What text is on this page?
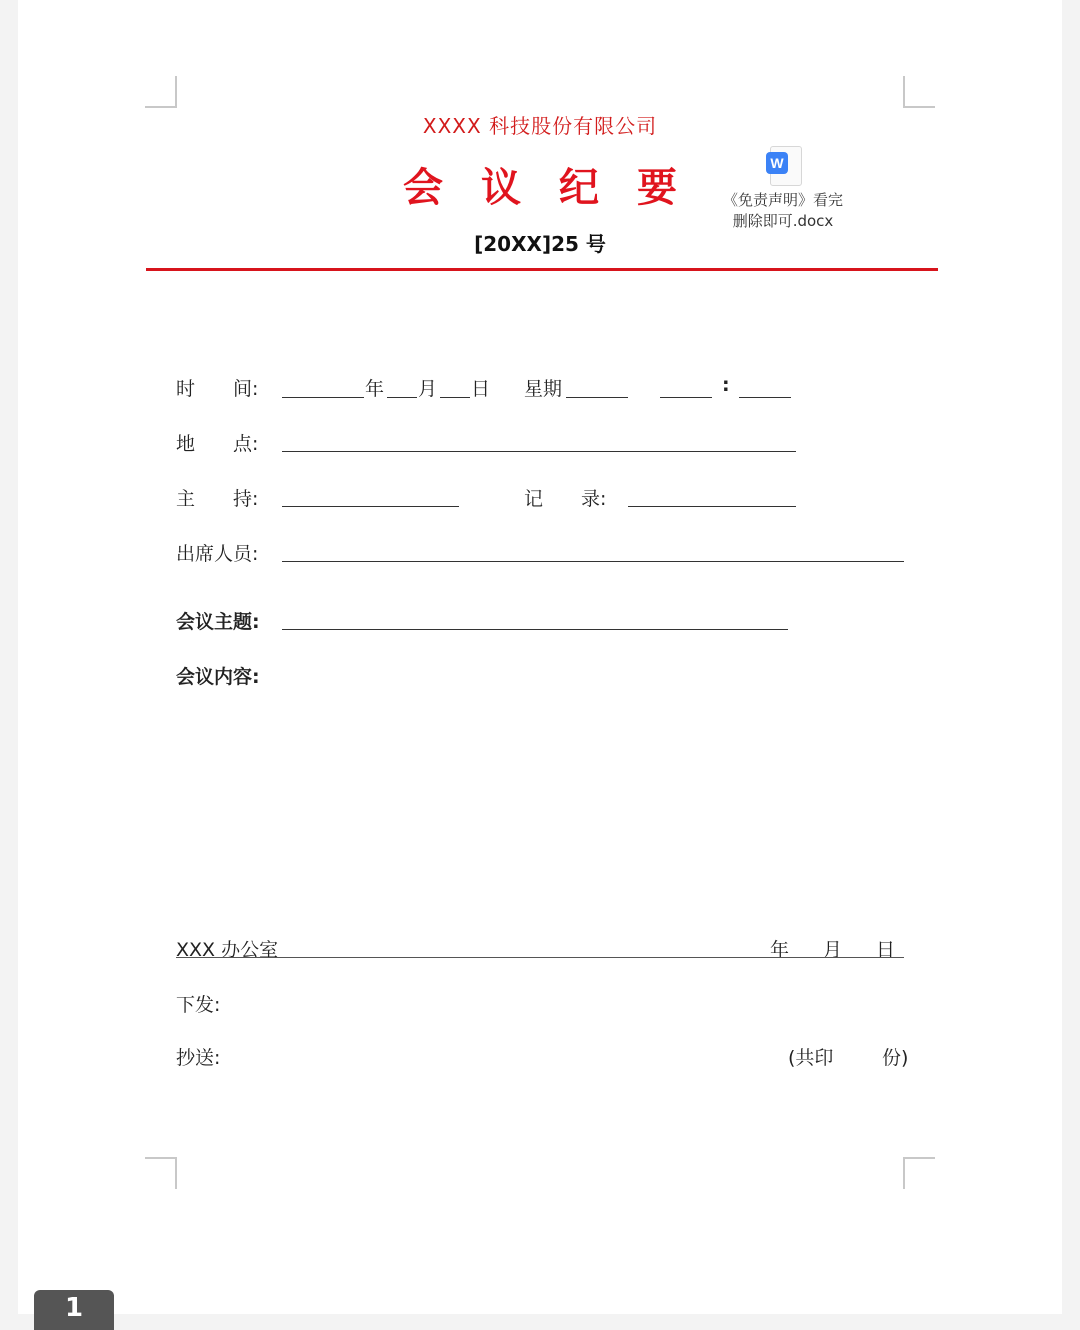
XXXX 科技股份有限公司
会议纪要
[20XX]25 号
W
《免责声明》看完
删除即可.docx
时　　间:	年 月 日 星期	:
地　　点:
主　　持:	记　　录:
出席人员:
会议主题:
会议内容:
XXX 办公室	年 月 日
下发:
抄送:	(共印	份)
1
